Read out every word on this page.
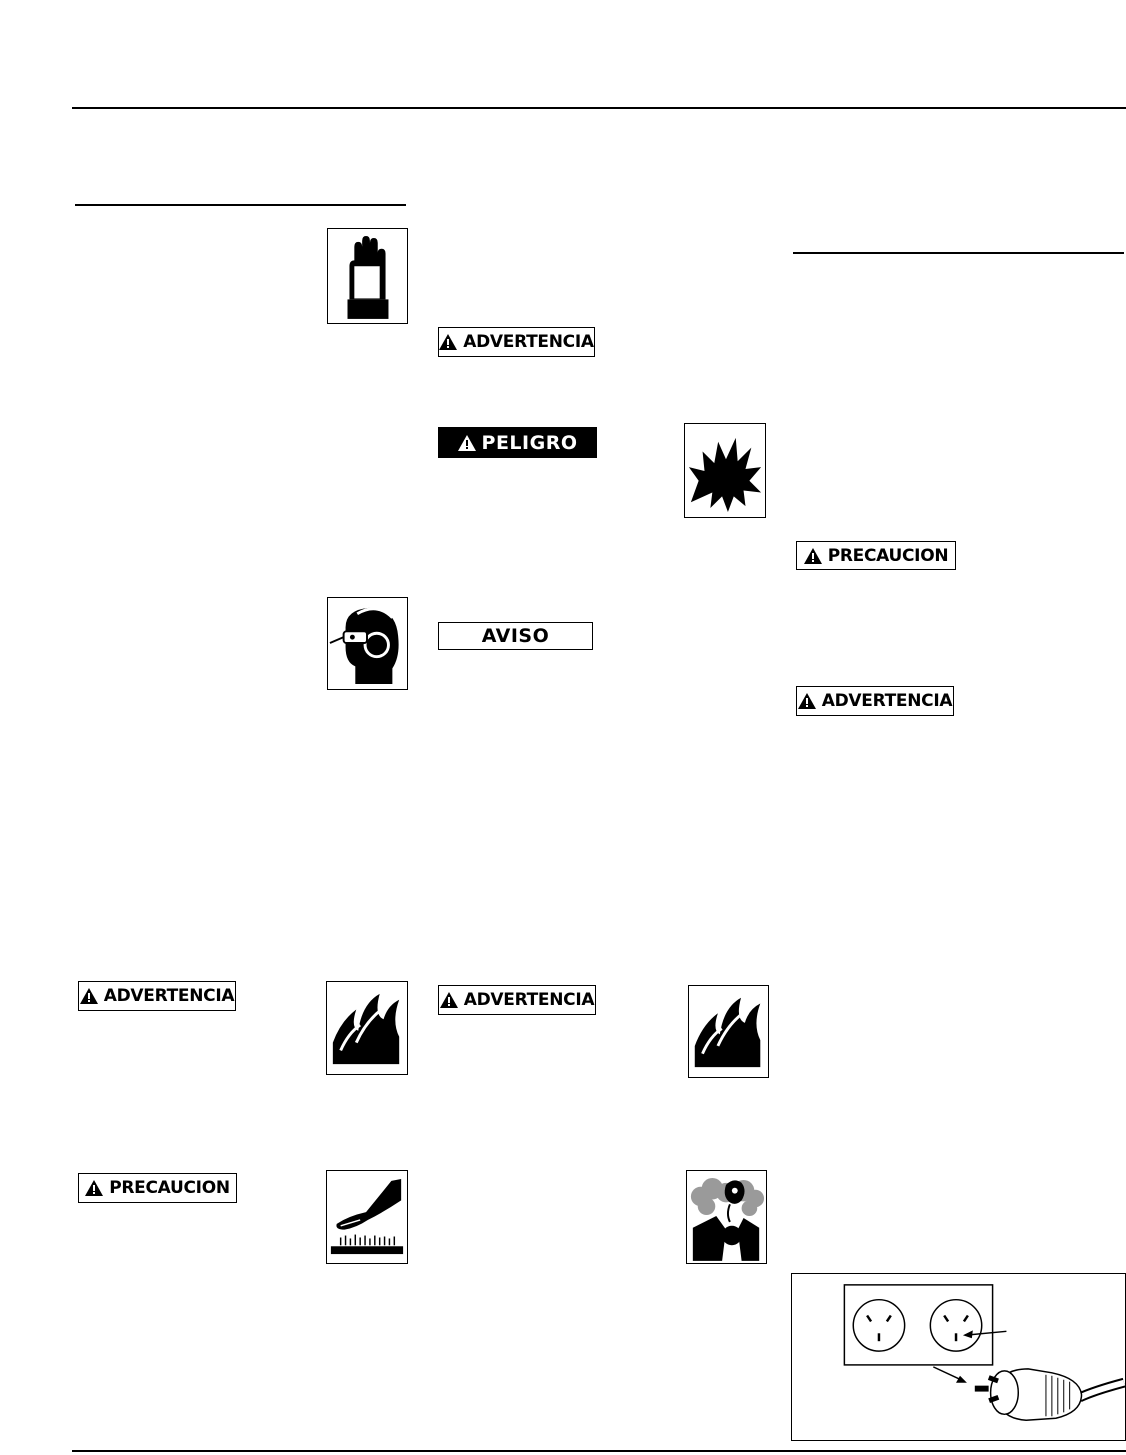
ADVERTENCIA
PRECAUCION
ADVERTENCIA
PELIGRO
AVISO
ADVERTENCIA
PRECAUCION
ADVERTENCIA
